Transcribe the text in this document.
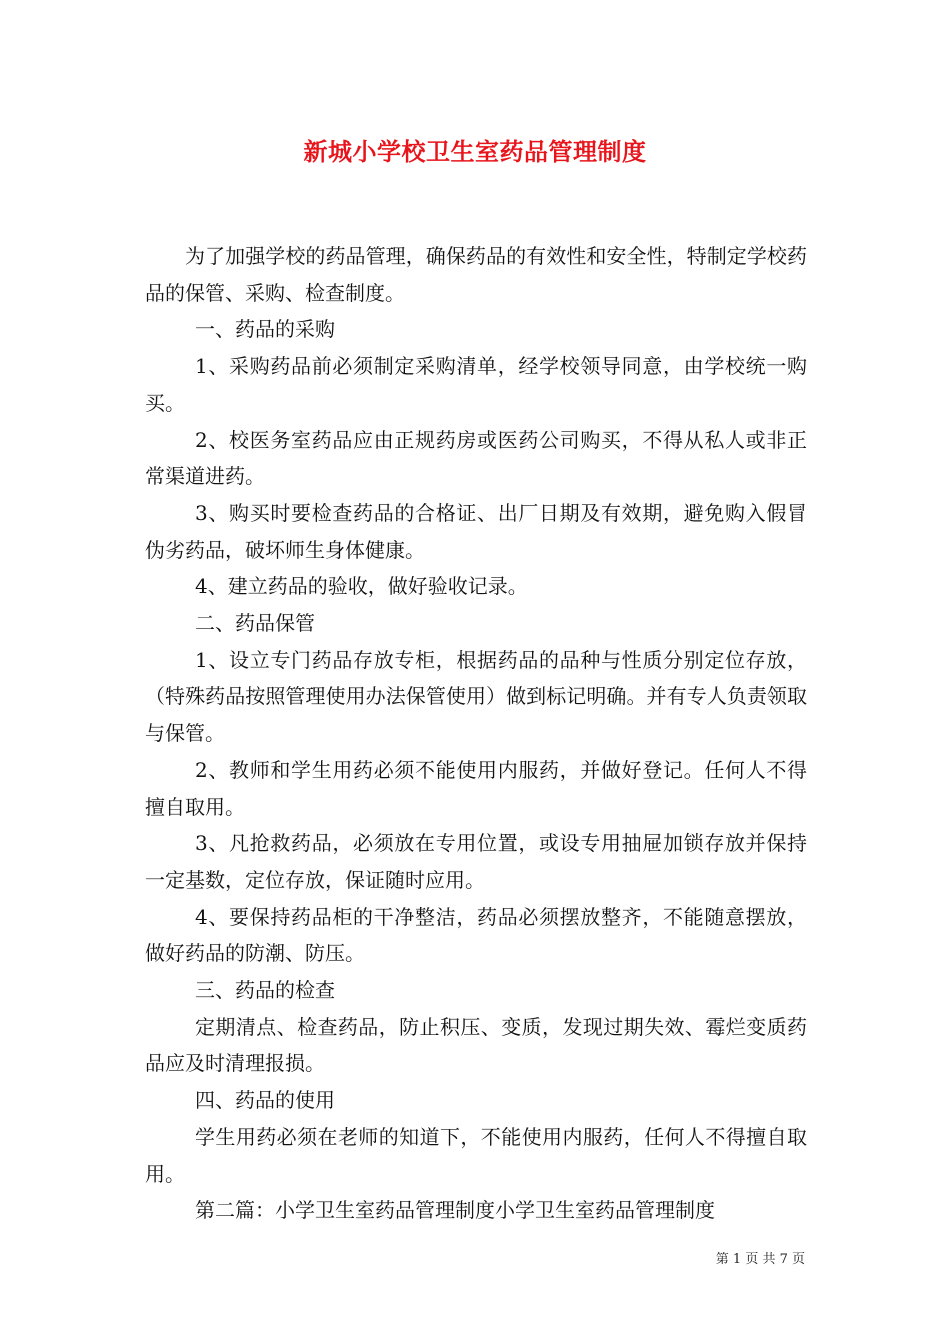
新城小学校卫生室药品管理制度

为了加强学校的药品管理，确保药品的有效性和安全性，特制定学校药品的保管、采购、检查制度。

一、药品的采购

1、采购药品前必须制定采购清单，经学校领导同意，由学校统一购买。

2、校医务室药品应由正规药房或医药公司购买，不得从私人或非正常渠道进药。

3、购买时要检查药品的合格证、出厂日期及有效期，避免购入假冒伪劣药品，破坏师生身体健康。

4、建立药品的验收，做好验收记录。

二、药品保管

1、设立专门药品存放专柜，根据药品的品种与性质分别定位存放，（特殊药品按照管理使用办法保管使用）做到标记明确。并有专人负责领取与保管。

2、教师和学生用药必须不能使用内服药，并做好登记。任何人不得擅自取用。

3、凡抢救药品，必须放在专用位置，或设专用抽屉加锁存放并保持一定基数，定位存放，保证随时应用。

4、要保持药品柜的干净整洁，药品必须摆放整齐，不能随意摆放，做好药品的防潮、防压。

三、药品的检查

定期清点、检查药品，防止积压、变质，发现过期失效、霉烂变质药品应及时清理报损。

四、药品的使用

学生用药必须在老师的知道下，不能使用内服药，任何人不得擅自取用。

第二篇：小学卫生室药品管理制度小学卫生室药品管理制度

第 1 页 共 7 页
